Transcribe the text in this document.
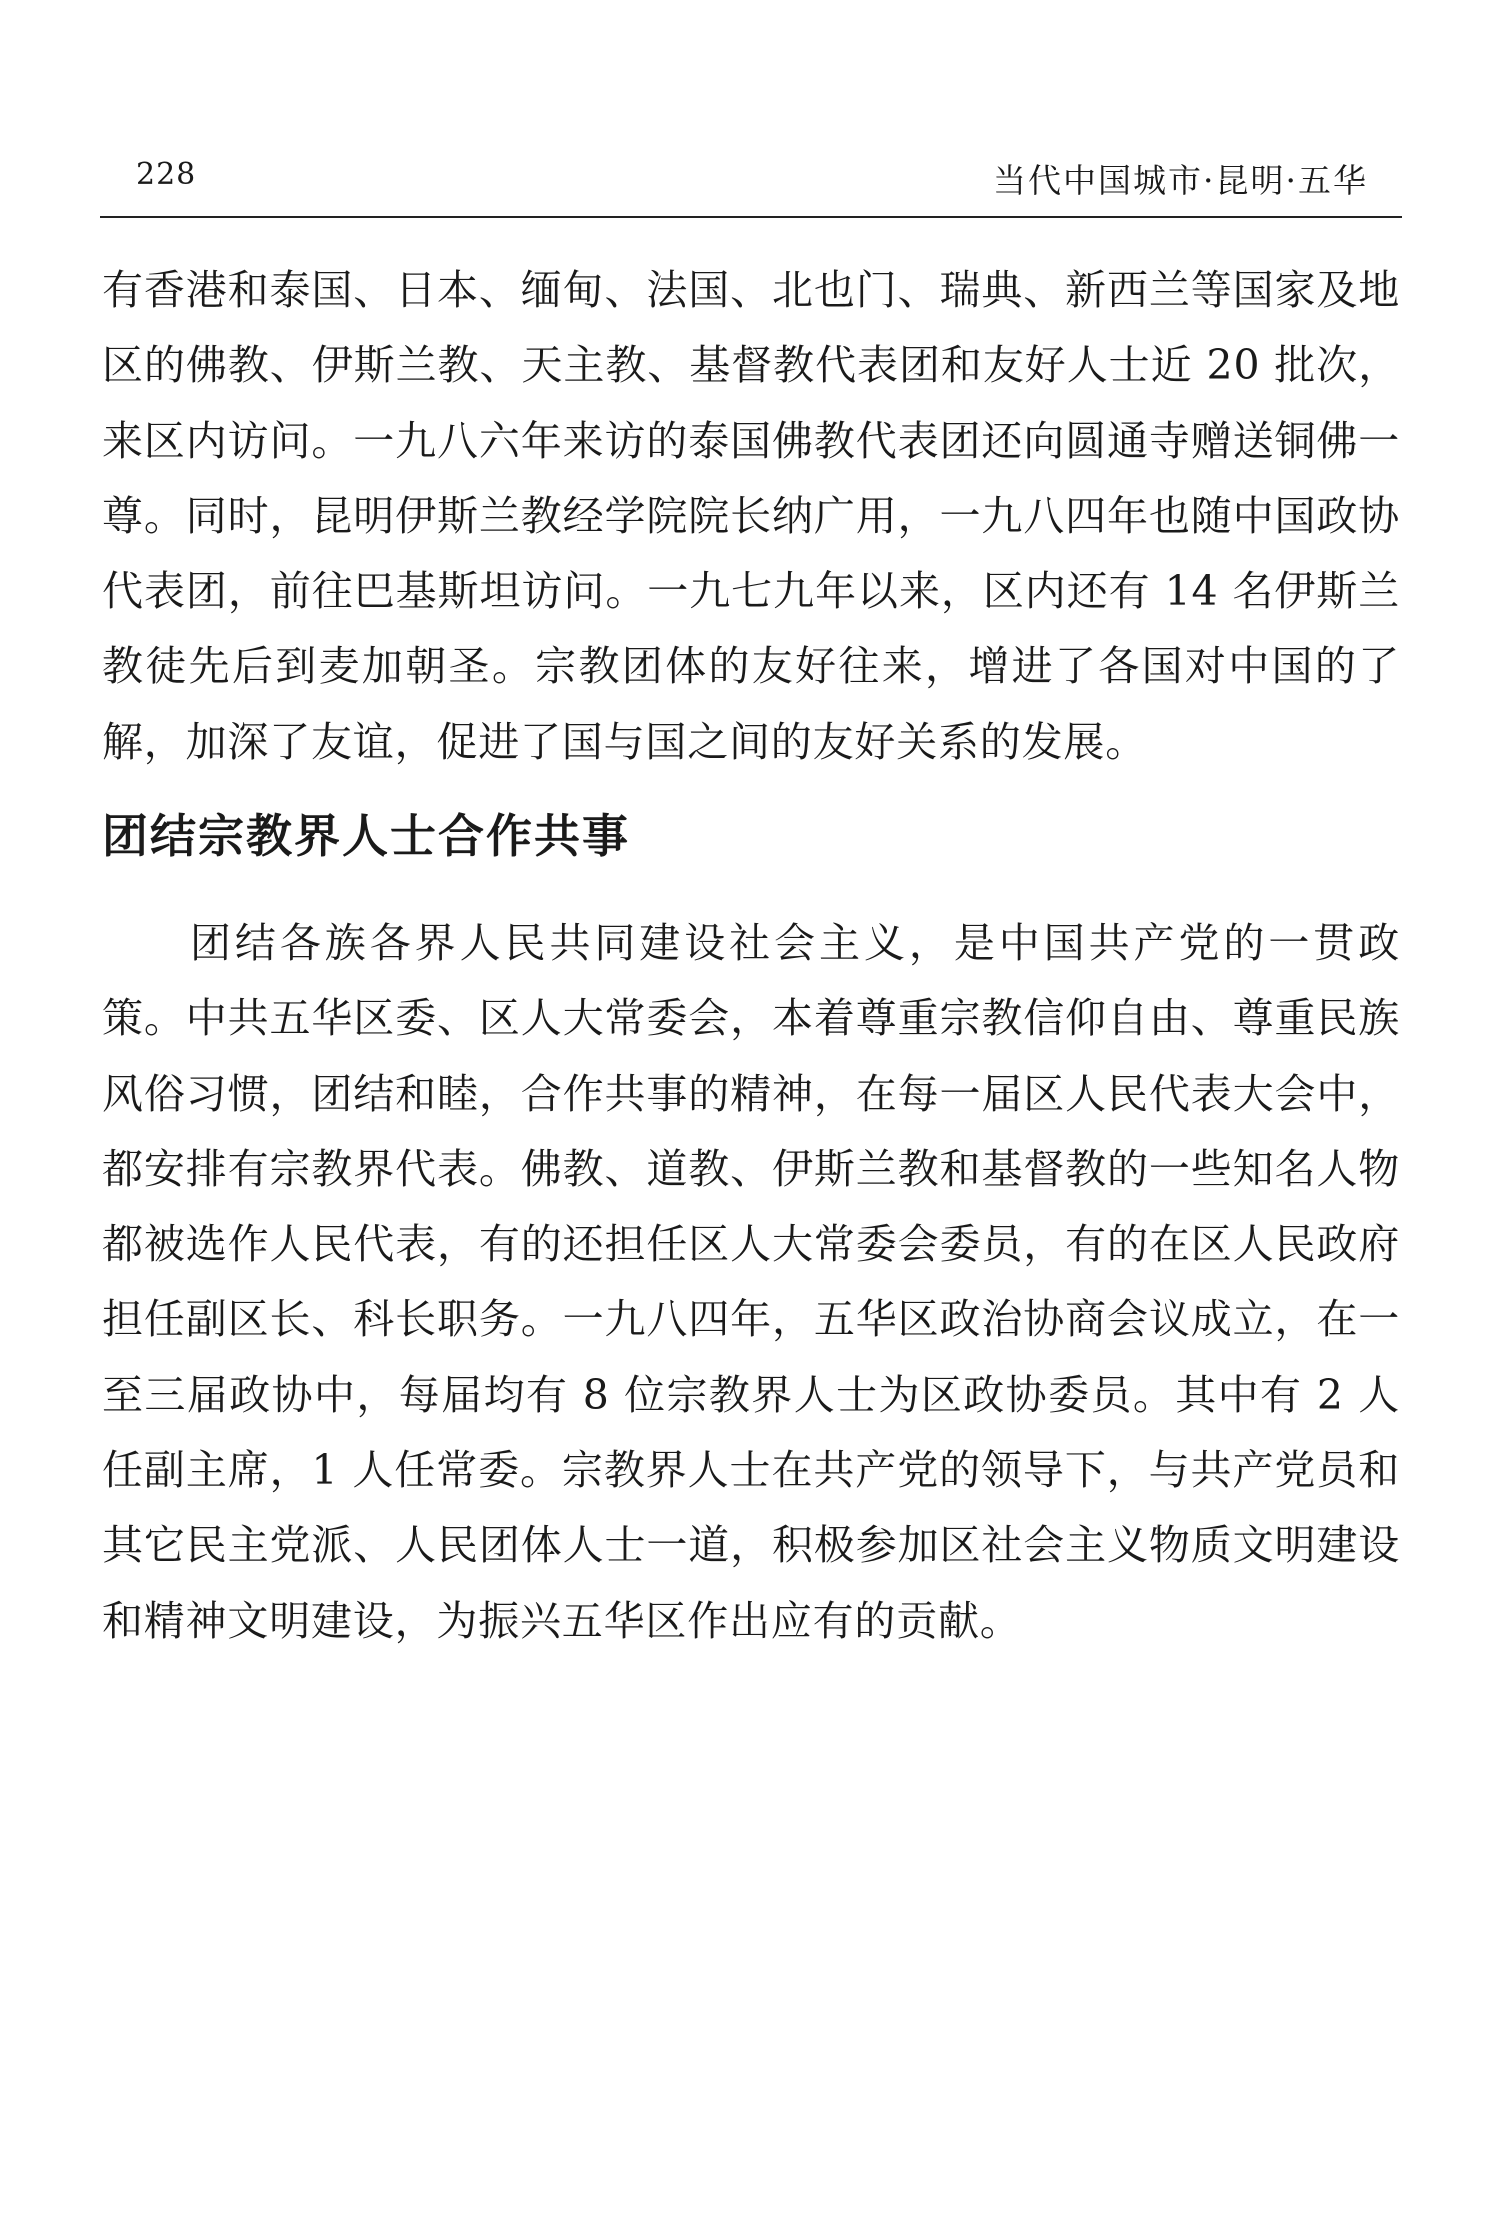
228	当代中国城市·昆明·五华

有香港和泰国、日本、缅甸、法国、北也门、瑞典、新西兰等国家及地区的佛教、伊斯兰教、天主教、基督教代表团和友好人士近 20 批次，来区内访问。一九八六年来访的泰国佛教代表团还向圆通寺赠送铜佛一尊。同时，昆明伊斯兰教经学院院长纳广用，一九八四年也随中国政协代表团，前往巴基斯坦访问。一九七九年以来，区内还有 14 名伊斯兰教徒先后到麦加朝圣。宗教团体的友好往来，增进了各国对中国的了解，加深了友谊，促进了国与国之间的友好关系的发展。

团结宗教界人士合作共事

团结各族各界人民共同建设社会主义，是中国共产党的一贯政策。中共五华区委、区人大常委会，本着尊重宗教信仰自由、尊重民族风俗习惯，团结和睦，合作共事的精神，在每一届区人民代表大会中，都安排有宗教界代表。佛教、道教、伊斯兰教和基督教的一些知名人物都被选作人民代表，有的还担任区人大常委会委员，有的在区人民政府担任副区长、科长职务。一九八四年，五华区政治协商会议成立，在一至三届政协中，每届均有 8 位宗教界人士为区政协委员。其中有 2 人任副主席，1 人任常委。宗教界人士在共产党的领导下，与共产党员和其它民主党派、人民团体人士一道，积极参加区社会主义物质文明建设和精神文明建设，为振兴五华区作出应有的贡献。
